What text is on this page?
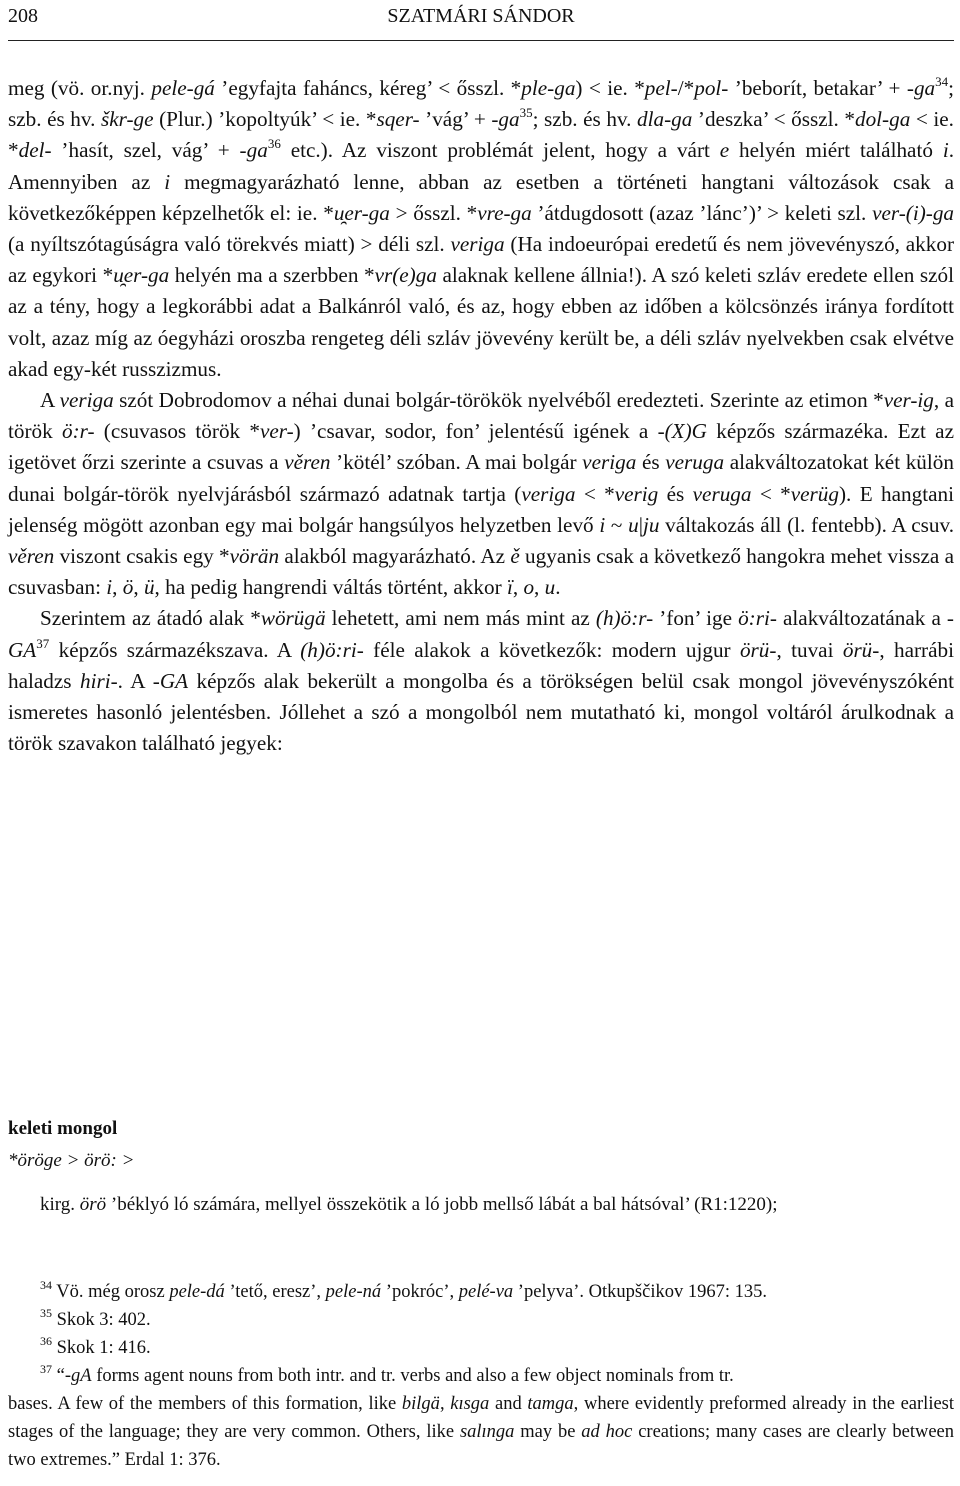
208	SZATMÁRI SÁNDOR
meg (vö. or.nyj. pele-gá ’egyfajta faháncs, kéreg’ < ősszl. *ple-ga) < ie. *pel-/*pol- ’beborít, betakar’ + $-ga^{34}$; szb. és hv. škr-ge (Plur.) ’kopoltyúk’ < ie. *sqer- ’vág’ + $-ga^{35}$; szb. és hv. dla-ga ’deszka’ < ősszl. *dol-ga < ie. *del- ’hasít, szel, vág’ + $-ga^{36}$ etc.). Az viszont problémát jelent, hogy a várt e helyén miért található i. Amennyiben az i megmagyarázható lenne, abban az esetben a történeti hangtani változások csak a következőképpen képzelhetők el: ie. *u̯er-ga > ősszl. *vre-ga ’átdugdosott (azaz ’lánc’)’ > keleti szl. ver-(i)-ga (a nyíltszótagúságra való törekvés miatt) > déli szl. veriga (Ha indoeurópai eredetű és nem jövevényszó, akkor az egykori *u̯er-ga helyén ma a szerbben *vr(e)ga alaknak kellene állnia!). A szó keleti szláv eredete ellen szól az a tény, hogy a legkorábbi adat a Balkánról való, és az, hogy ebben az időben a kölcsönzés iránya fordított volt, azaz míg az óegyházi oroszba rengeteg déli szláv jövevény került be, a déli szláv nyelvekben csak elvétve akad egy-két russzizmus.
A veriga szót Dobrodomov a néhai dunai bolgár-törökök nyelvéből eredezteti. Szerinte az etimon *ver-ig, a török ö:r- (csuvasos török *ver-) ’csavar, sodor, fon’ jelentésű igének a -(X)G képzős származéka. Ezt az igetövet őrzi szerinte a csuvas a věren ’kötél’ szóban. A mai bolgár veriga és veruga alakváltozatokat két külön dunai bolgár-török nyelvjárásból származó adatnak tartja (veriga < *verig és veruga < *verüg). E hangtani jelenség mögött azonban egy mai bolgár hangsúlyos helyzetben levő i ~ u|ju váltakozás áll (l. fentebb). A csuv. věren viszont csakis egy *vörän alakból magyarázható. Az ě ugyanis csak a következő hangokra mehet vissza a csuvasban: i, ö, ü, ha pedig hangrendi váltás történt, akkor ï, o, u.
Szerintem az átadó alak *wörügä lehetett, ami nem más mint az (h)ö:r- ’fon’ ige ö:ri- alakváltozatának a -GA$^{37}$ képzős származékszava. A (h)ö:ri- féle alakok a következők: modern ujgur örü-, tuvai örü-, harrábi haladzs hiri-. A -GA képzős alak bekerült a mongolba és a törökségen belül csak mongol jövevényszóként ismeretes hasonló jelentésben. Jóllehet a szó a mongolból nem mutatható ki, mongol voltáról árulkodnak a török szavakon található jegyek:
keleti mongol
*öröge > örö: >
kirg. örö ’béklyó ló számára, mellyel összekötik a ló jobb mellső lábát a bal hátsóval’ (R1:1220);
$^{34}$ Vö. még orosz pele-dá ’tető, eresz’, pele-ná ’pokróc’, pelé-va ’pelyva’. Otkupščikov 1967: 135.
$^{35}$ Skok 3: 402.
$^{36}$ Skok 1: 416.
$^{37}$ “-gA forms agent nouns from both intr. and tr. verbs and also a few object nominals from tr.
bases. A few of the members of this formation, like bilgä, kısga and tamga, where evidently preformed already in the earliest stages of the language; they are very common. Others, like salınga may be ad hoc creations; many cases are clearly between two extremes.” Erdal 1: 376.
